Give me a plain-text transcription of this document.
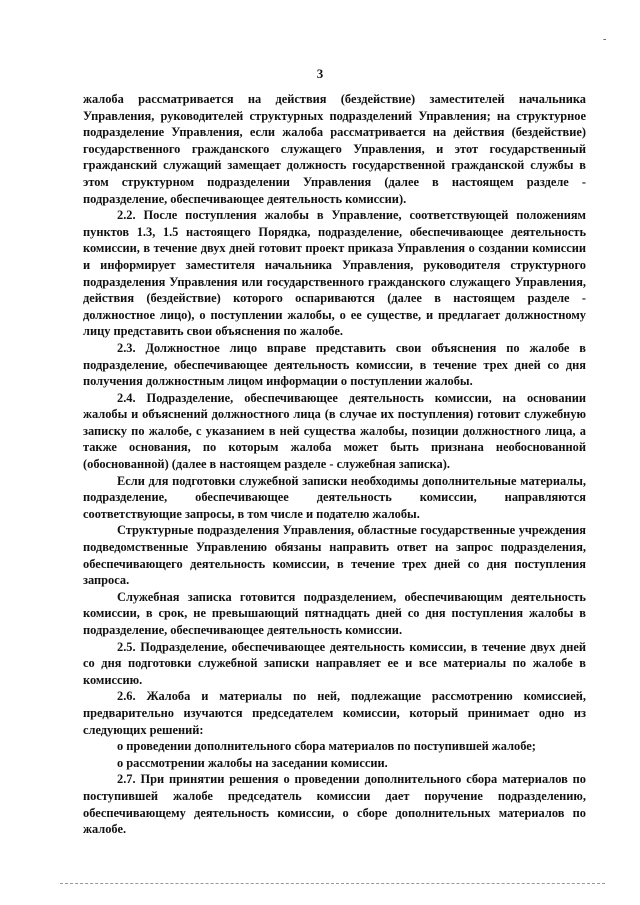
-
3

жалоба рассматривается на действия (бездействие) заместителей начальника Управления, руководителей структурных подразделений Управления; на структурное подразделение Управления, если жалоба рассматривается на действия (бездействие) государственного гражданского служащего Управления, и этот государственный гражданский служащий замещает должность государственной гражданской службы в этом структурном подразделении Управления (далее в настоящем разделе - подразделение, обеспечивающее деятельность комиссии).

2.2. После поступления жалобы в Управление, соответствующей положениям пунктов 1.3, 1.5 настоящего Порядка, подразделение, обеспечивающее деятельность комиссии, в течение двух дней готовит проект приказа Управления о создании комиссии и информирует заместителя начальника Управления, руководителя структурного подразделения Управления или государственного гражданского служащего Управления, действия (бездействие) которого оспариваются (далее в настоящем разделе - должностное лицо), о поступлении жалобы, о ее существе, и предлагает должностному лицу представить свои объяснения по жалобе.

2.3. Должностное лицо вправе представить свои объяснения по жалобе в подразделение, обеспечивающее деятельность комиссии, в течение трех дней со дня получения должностным лицом информации о поступлении жалобы.

2.4. Подразделение, обеспечивающее деятельность комиссии, на основании жалобы и объяснений должностного лица (в случае их поступления) готовит служебную записку по жалобе, с указанием в ней существа жалобы, позиции должностного лица, а также основания, по которым жалоба может быть признана необоснованной (обоснованной) (далее в настоящем разделе - служебная записка).

Если для подготовки служебной записки необходимы дополнительные материалы, подразделение, обеспечивающее деятельность комиссии, направляются соответствующие запросы, в том числе и подателю жалобы.

Структурные подразделения Управления, областные государственные учреждения подведомственные Управлению обязаны направить ответ на запрос подразделения, обеспечивающего деятельность комиссии, в течение трех дней со дня поступления запроса.

Служебная записка готовится подразделением, обеспечивающим деятельность комиссии, в срок, не превышающий пятнадцать дней со дня поступления жалобы в подразделение, обеспечивающее деятельность комиссии.

2.5. Подразделение, обеспечивающее деятельность комиссии, в течение двух дней со дня подготовки служебной записки направляет ее и все материалы по жалобе в комиссию.

2.6. Жалоба и материалы по ней, подлежащие рассмотрению комиссией, предварительно изучаются председателем комиссии, который принимает одно из следующих решений:

о проведении дополнительного сбора материалов по поступившей жалобе;

о рассмотрении жалобы на заседании комиссии.

2.7. При принятии решения о проведении дополнительного сбора материалов по поступившей жалобе председатель комиссии дает поручение подразделению, обеспечивающему деятельность комиссии, о сборе дополнительных материалов по жалобе.
